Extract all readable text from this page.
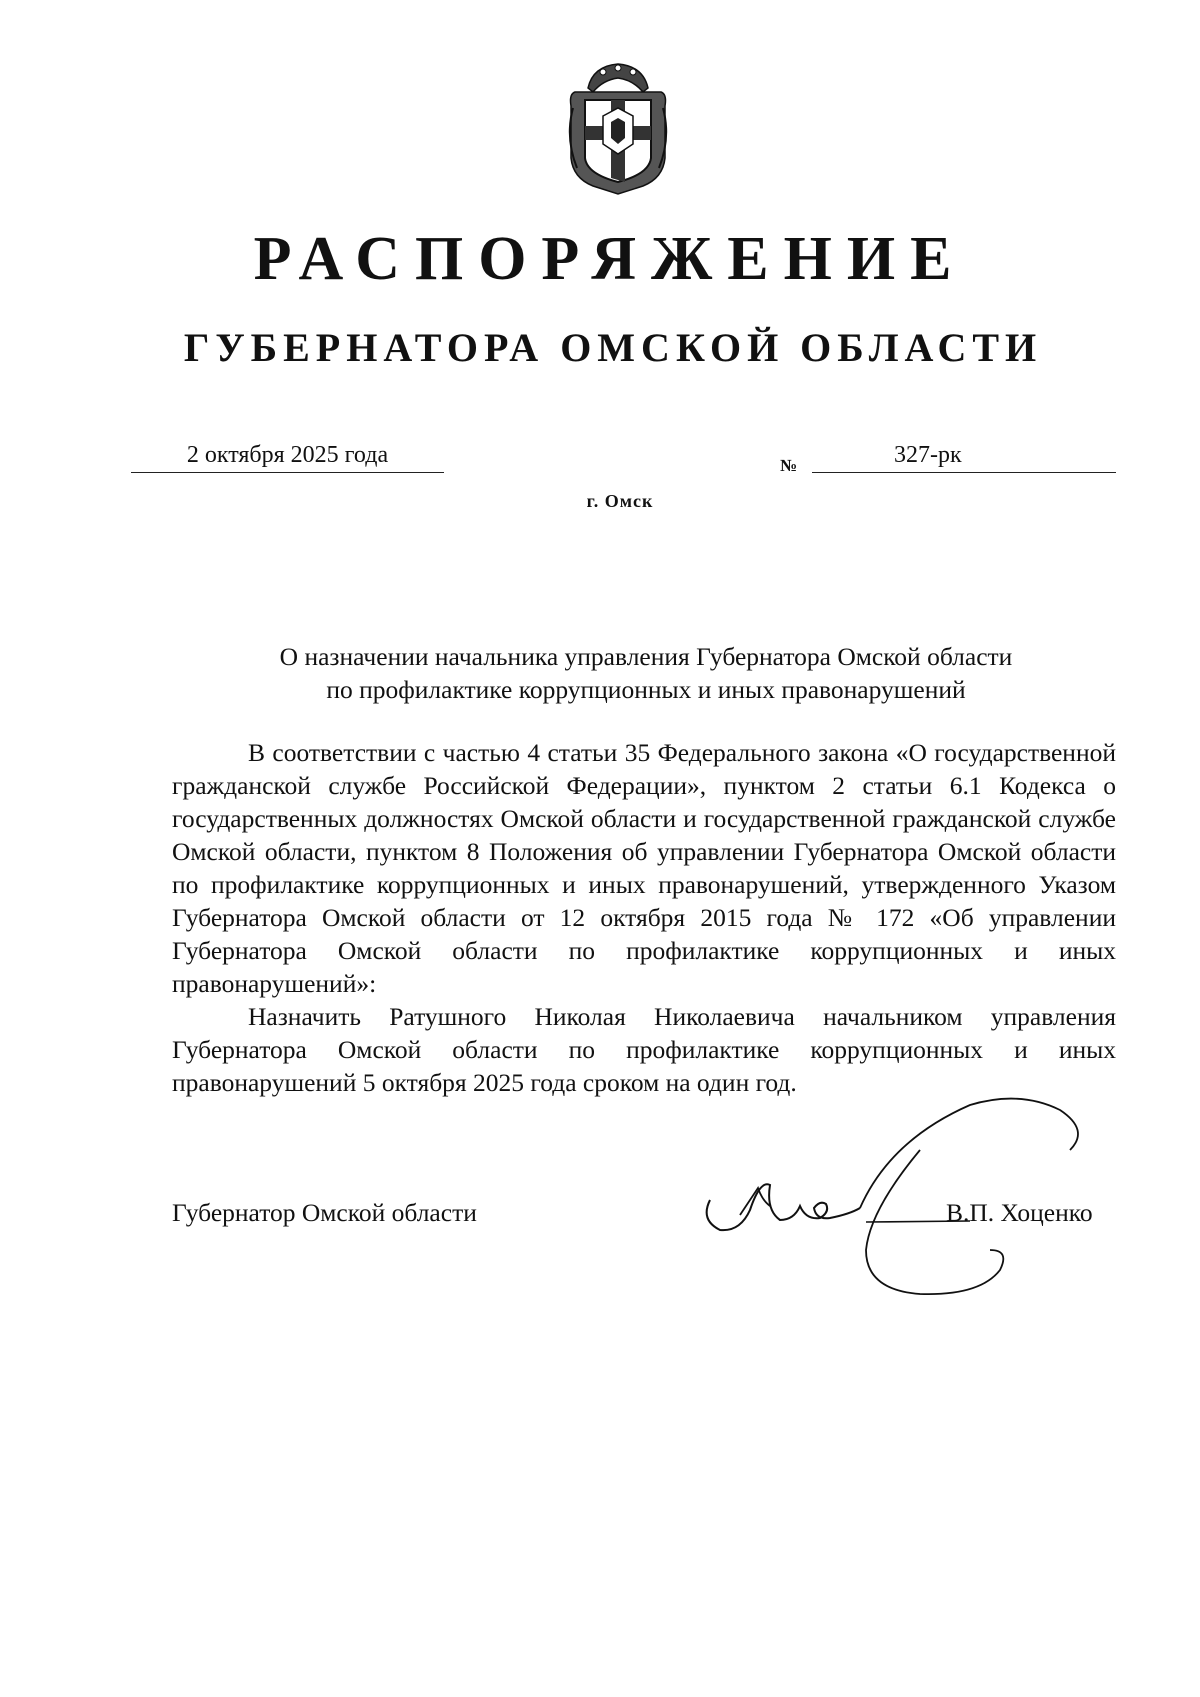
РАСПОРЯЖЕНИЕ
ГУБЕРНАТОРА ОМСКОЙ ОБЛАСТИ
2 октября 2025 года	№	327-рк
г. Омск
О назначении начальника управления Губернатора Омской области
по профилактике коррупционных и иных правонарушений

В соответствии с частью 4 статьи 35 Федерального закона «О государственной гражданской службе Российской Федерации», пунктом 2 статьи 6.1 Кодекса о государственных должностях Омской области и государственной гражданской службе Омской области, пунктом 8 Положения об управлении Губернатора Омской области по профилактике коррупционных и иных правонарушений, утвержденного Указом Губернатора Омской области от 12 октября 2015 года № 172 «Об управлении Губернатора Омской области по профилактике коррупционных и иных правонарушений»:

Назначить Ратушного Николая Николаевича начальником управления Губернатора Омской области по профилактике коррупционных и иных правонарушений 5 октября 2025 года сроком на один год.

Губернатор Омской области	В.П. Хоценко
